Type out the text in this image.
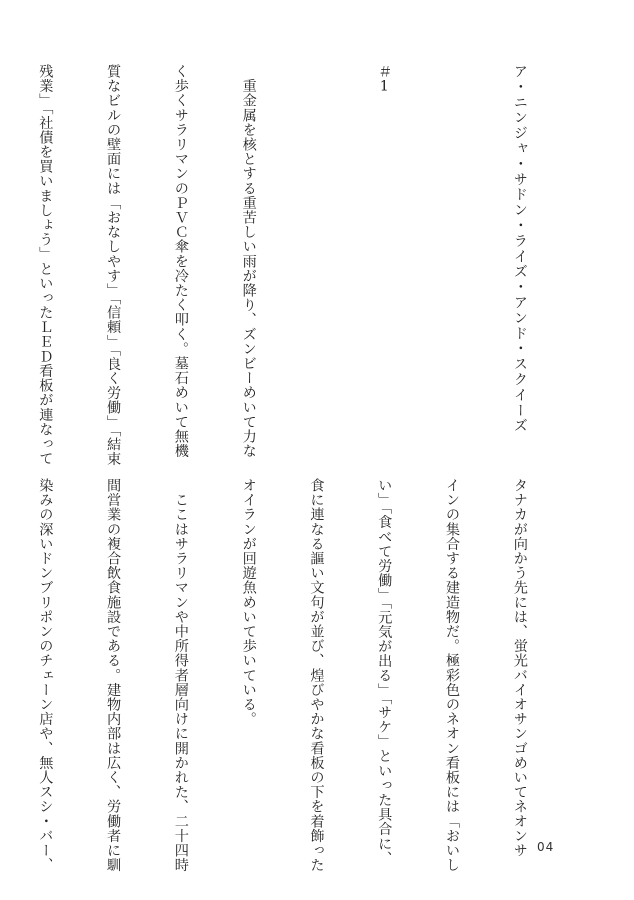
ア・ニンジャ・サドン・ライズ・アンド・スクイーズ

＃1

　重金属を核とする重苦しい雨が降り、ズンビーめいて力な

く歩くサラリマンのＰＶＣ傘を冷たく叩く。墓石めいて無機

質なビルの壁面には「おなしやす」「信頼」「良く労働」「結束

残業」「社債を買いましょう」といったＬＥＤ看板が連なって

タナカが向かう先には、蛍光バイオサンゴめいてネオンサ

インの集合する建造物だ。極彩色のネオン看板には「おいし

い」「食べて労働」「元気が出る」「サケ」といった具合に、

食に連なる謳い文句が並び、煌びやかな看板の下を着飾った

オイランが回遊魚めいて歩いている。

　ここはサラリマンや中所得者層向けに開かれた、二十四時

間営業の複合飲食施設である。建物内部は広く、労働者に馴

染みの深いドンブリポンのチェーン店や、無人スシ・バー、

	04
